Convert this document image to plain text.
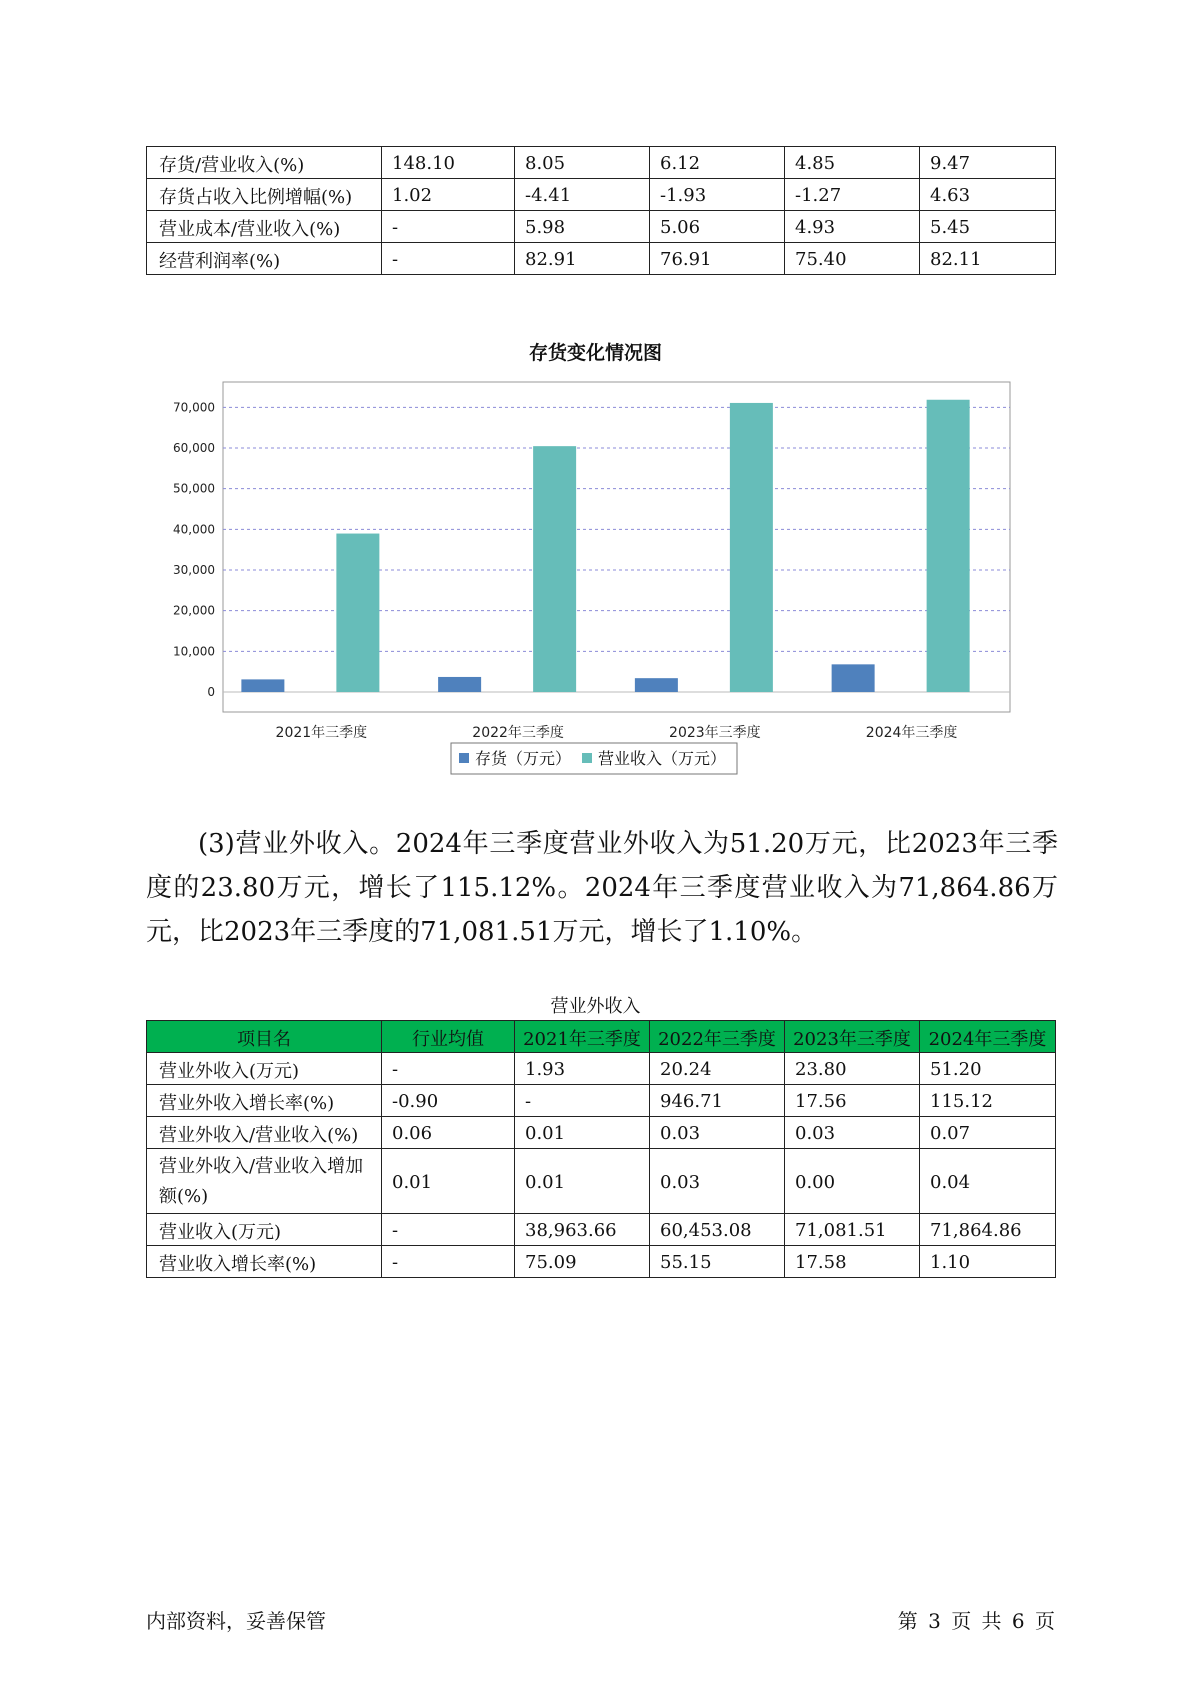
存货/营业收入(%)	148.10	8.05	6.12	4.85	9.47
存货占收入比例增幅(%)	1.02	-4.41	-1.93	-1.27	4.63
营业成本/营业收入(%)	-	5.98	5.06	4.93	5.45
经营利润率(%)	-	82.91	76.91	75.40	82.11
存货变化情况图
0
10,000
20,000
30,000
40,000
50,000
60,000
70,000
2021年三季度	2022年三季度	2023年三季度	2024年三季度
存货（万元） 营业收入（万元）

(3)营业外收入。2024年三季度营业外收入为51.20万元，比2023年三季度的23.80万元，增长了115.12%。2024年三季度营业收入为71,864.86万元，比2023年三季度的71,081.51万元，增长了1.10%。

营业外收入
项目名	行业均值	2021年三季度	2022年三季度	2023年三季度	2024年三季度
营业外收入(万元)	-	1.93	20.24	23.80	51.20
营业外收入增长率(%)	-0.90	-	946.71	17.56	115.12
营业外收入/营业收入(%)	0.06	0.01	0.03	0.03	0.07
营业外收入/营业收入增加额(%)	0.01	0.01	0.03	0.00	0.04
营业收入(万元)	-	38,963.66	60,453.08	71,081.51	71,864.86
营业收入增长率(%)	-	75.09	55.15	17.58	1.10
内部资料，妥善保管	第 3 页 共 6 页
